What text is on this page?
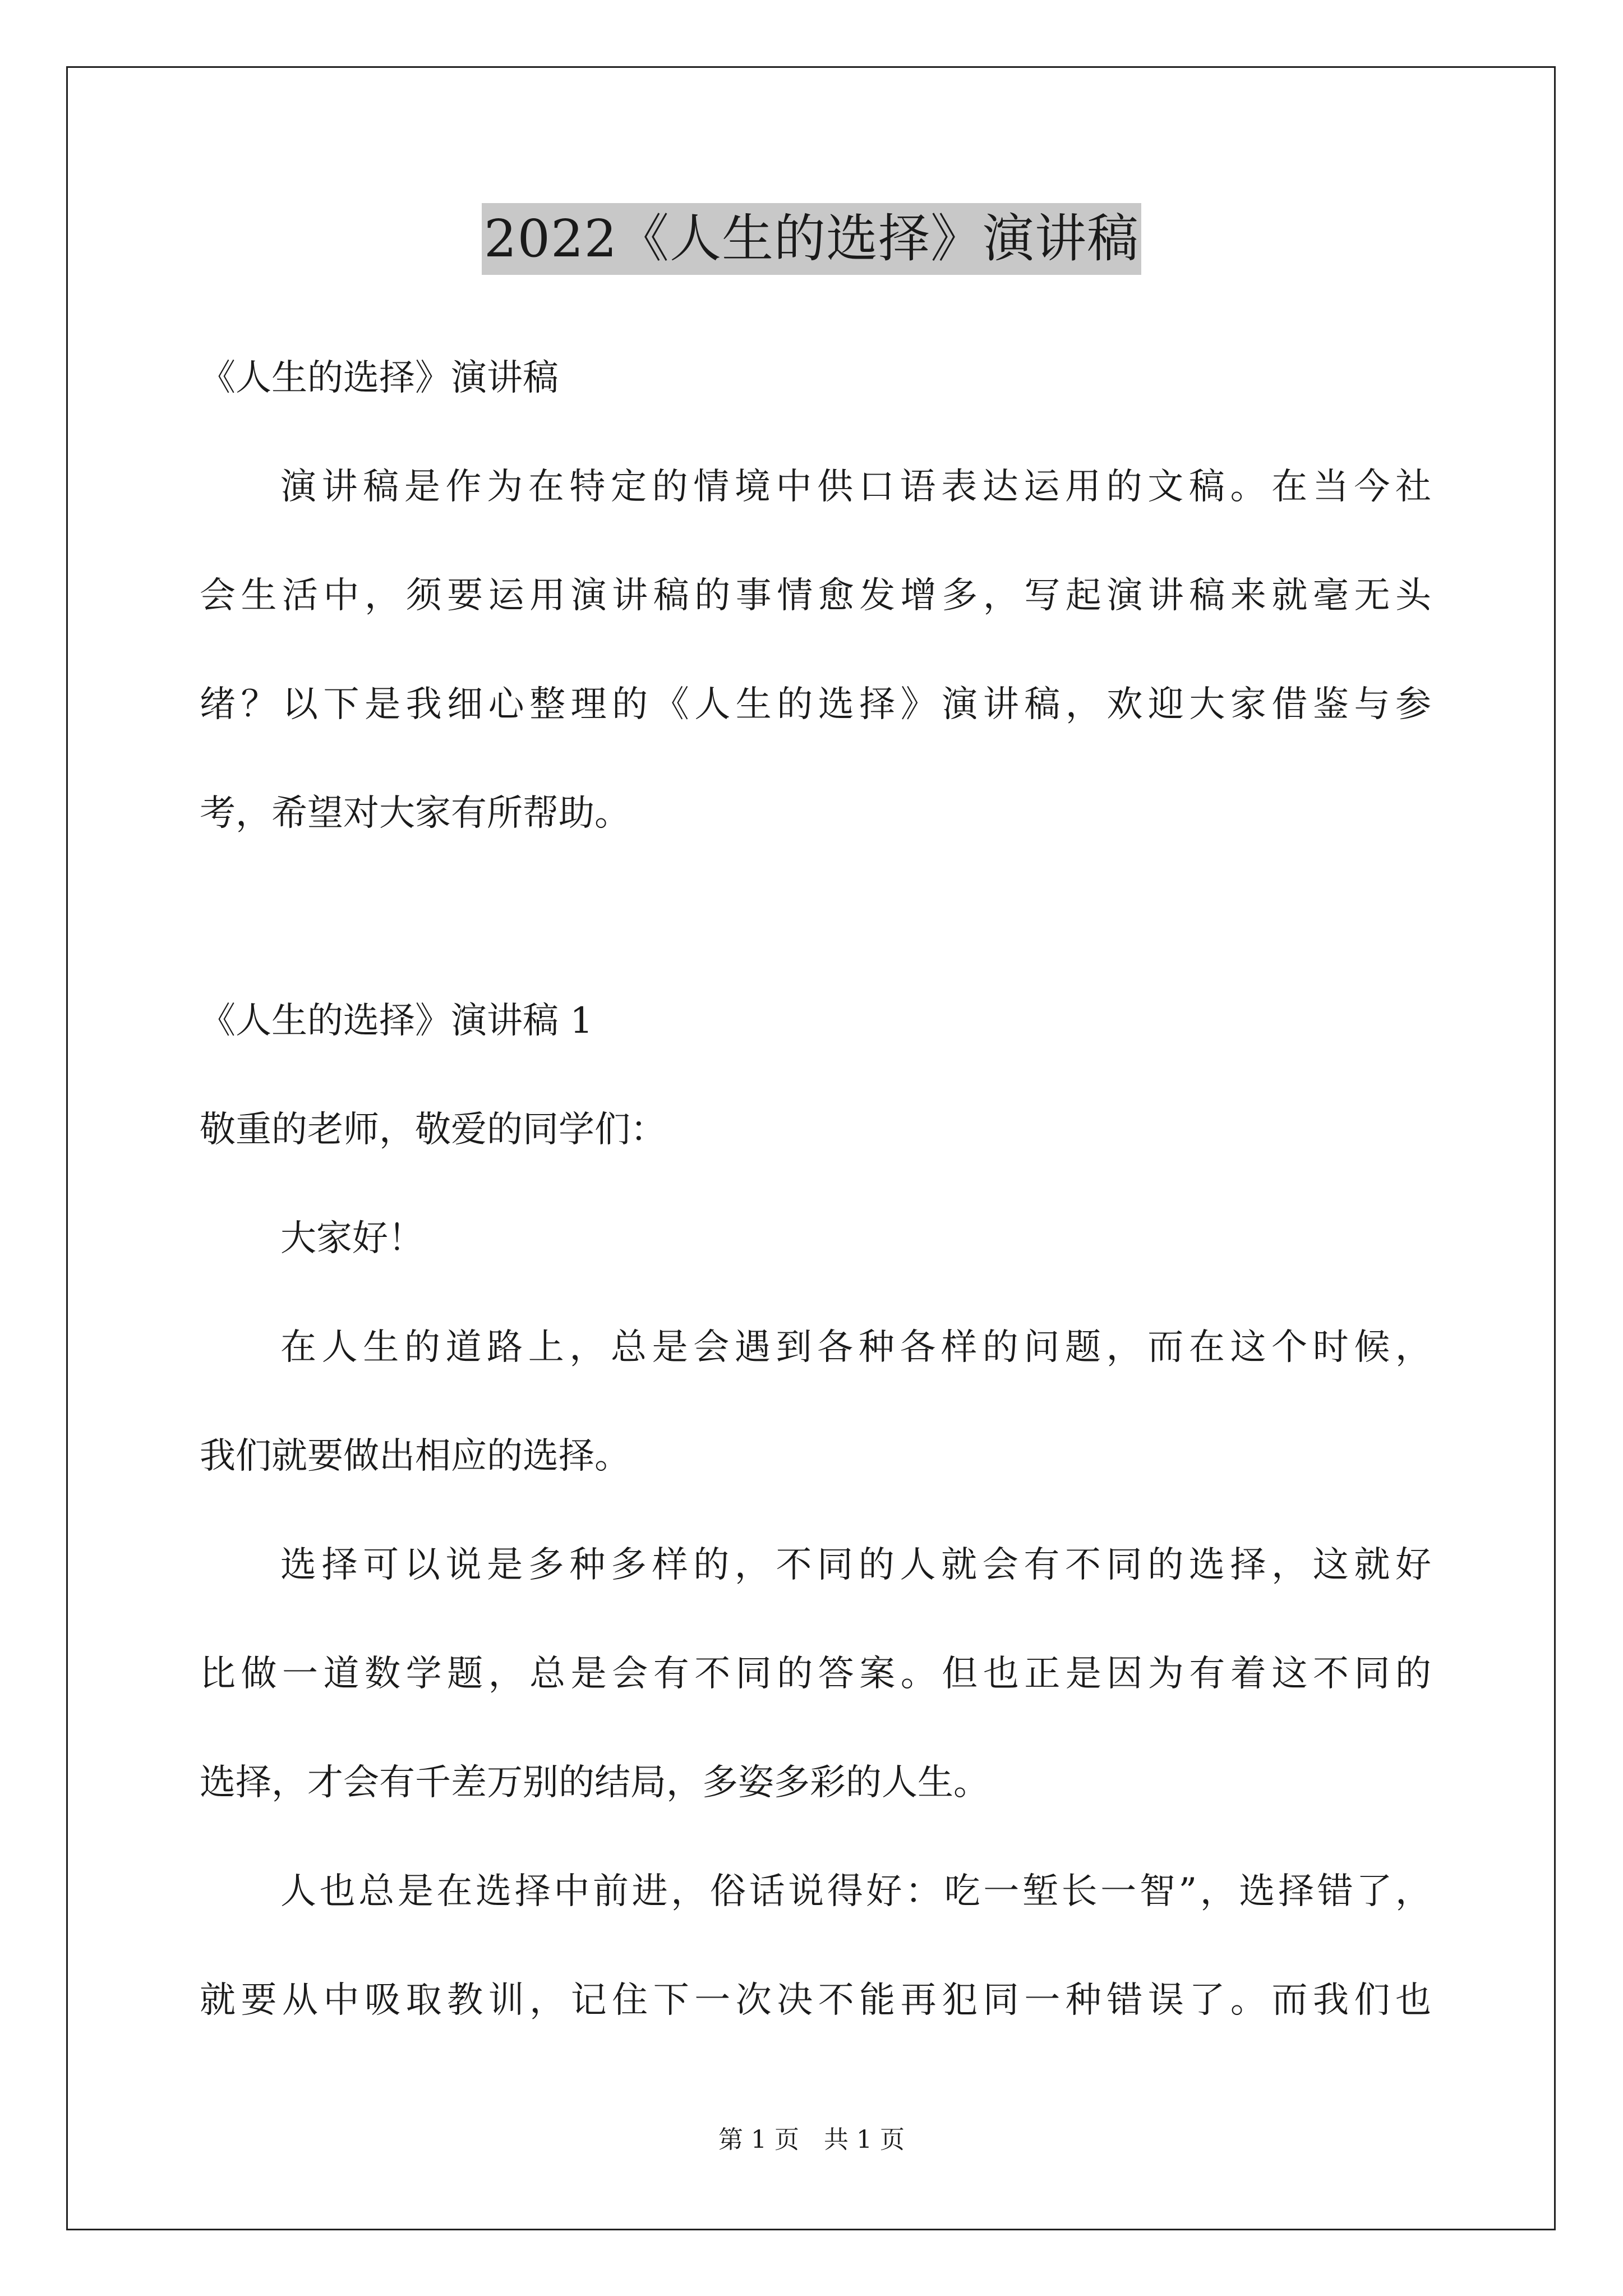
2022《人生的选择》演讲稿
《人生的选择》演讲稿
演讲稿是作为在特定的情境中供口语表达运用的文稿。在当今社
会生活中，须要运用演讲稿的事情愈发增多，写起演讲稿来就毫无头
绪？以下是我细心整理的《人生的选择》演讲稿，欢迎大家借鉴与参
考，希望对大家有所帮助。
《人生的选择》演讲稿 1
敬重的老师，敬爱的同学们：
大家好！
在人生的道路上，总是会遇到各种各样的问题，而在这个时候，
我们就要做出相应的选择。
选择可以说是多种多样的，不同的人就会有不同的选择，这就好
比做一道数学题，总是会有不同的答案。但也正是因为有着这不同的
选择，才会有千差万别的结局，多姿多彩的人生。
人也总是在选择中前进，俗话说得好：吃一堑长一智”，选择错了，
就要从中吸取教训，记住下一次决不能再犯同一种错误了。而我们也
第 1 页　共 1 页
